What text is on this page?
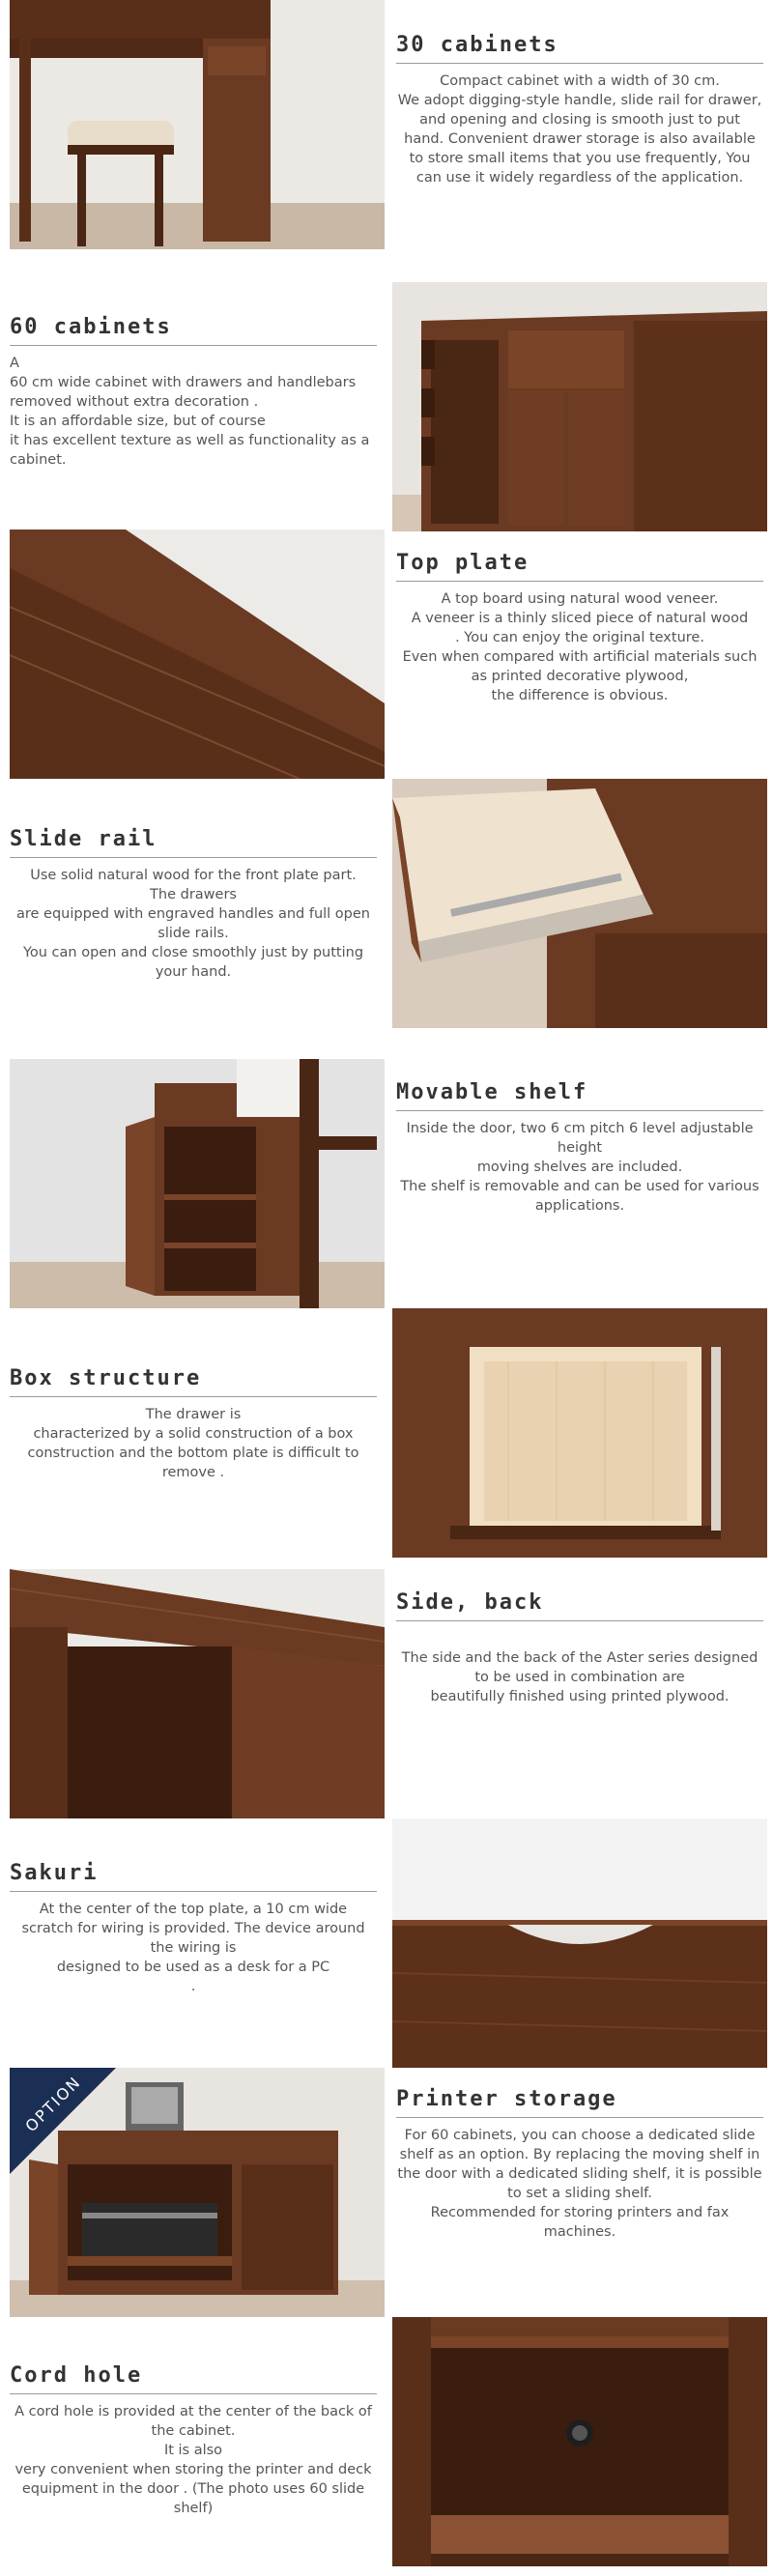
30 cabinets

Compact cabinet with a width of 30 cm.
We adopt digging-style handle, slide rail for drawer,
and opening and closing is smooth just to put
hand. Convenient drawer storage is also available
to store small items that you use frequently, You
can use it widely regardless of the application.

60 cabinets

A
60 cm wide cabinet with drawers and handlebars
removed without extra decoration .
It is an affordable size, but of course
it has excellent texture as well as functionality as a
cabinet.

Top plate

A top board using natural wood veneer.
A veneer is a thinly sliced piece of natural wood
. You can enjoy the original texture.
Even when compared with artificial materials such
as printed decorative plywood,
the difference is obvious.

Slide rail

Use solid natural wood for the front plate part.
The drawers
are equipped with engraved handles and full open
slide rails.
You can open and close smoothly just by putting
your hand.

Movable shelf

Inside the door, two 6 cm pitch 6 level adjustable
height
moving shelves are included.
The shelf is removable and can be used for various
applications.

Box structure

The drawer is
characterized by a solid construction of a box
construction and the bottom plate is difficult to
remove .

Side, back

The side and the back of the Aster series designed
to be used in combination are
beautifully finished using printed plywood.

Sakuri

At the center of the top plate, a 10 cm wide
scratch for wiring is provided. The device around
the wiring is
designed to be used as a desk for a PC
.

OPTION	Printer storage

For 60 cabinets, you can choose a dedicated slide
shelf as an option. By replacing the moving shelf in
the door with a dedicated sliding shelf, it is possible
to set a sliding shelf.
Recommended for storing printers and fax
machines.

Cord hole

A cord hole is provided at the center of the back of
the cabinet.
It is also
very convenient when storing the printer and deck
equipment in the door . (The photo uses 60 slide
shelf)
